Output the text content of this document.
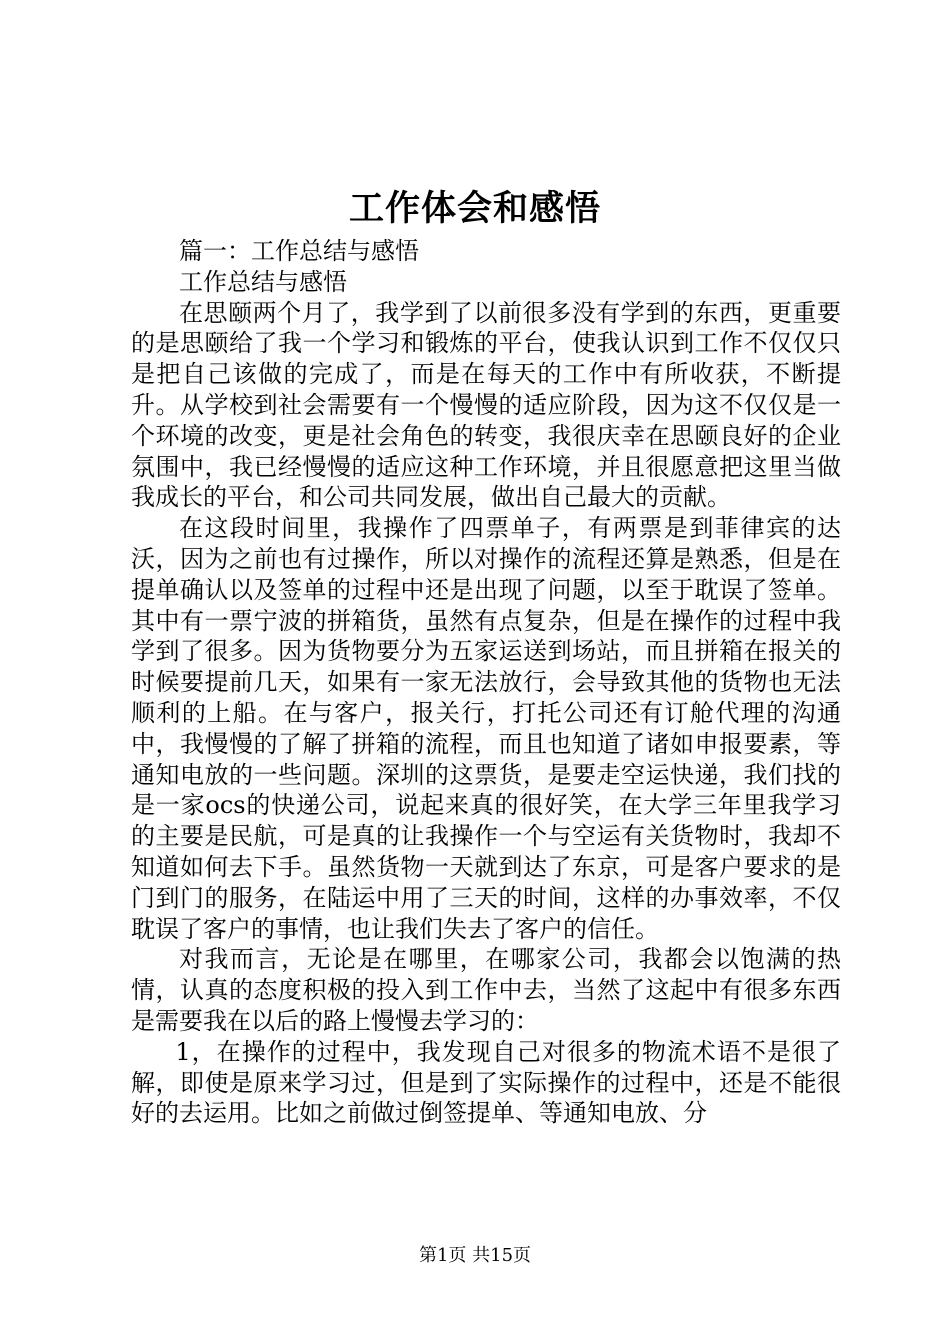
工作体会和感悟

篇一：工作总结与感悟

工作总结与感悟

在思颐两个月了，我学到了以前很多没有学到的东西，更重要的是思颐给了我一个学习和锻炼的平台，使我认识到工作不仅仅只是把自己该做的完成了，而是在每天的工作中有所收获，不断提升。从学校到社会需要有一个慢慢的适应阶段，因为这不仅仅是一个环境的改变，更是社会角色的转变，我很庆幸在思颐良好的企业氛围中，我已经慢慢的适应这种工作环境，并且很愿意把这里当做我成长的平台，和公司共同发展，做出自己最大的贡献。

在这段时间里，我操作了四票单子，有两票是到菲律宾的达沃，因为之前也有过操作，所以对操作的流程还算是熟悉，但是在提单确认以及签单的过程中还是出现了问题，以至于耽误了签单。其中有一票宁波的拼箱货，虽然有点复杂，但是在操作的过程中我学到了很多。因为货物要分为五家运送到场站，而且拼箱在报关的时候要提前几天，如果有一家无法放行，会导致其他的货物也无法顺利的上船。在与客户，报关行，打托公司还有订舱代理的沟通中，我慢慢的了解了拼箱的流程，而且也知道了诸如申报要素，等通知电放的一些问题。深圳的这票货，是要走空运快递，我们找的是一家ocs的快递公司，说起来真的很好笑，在大学三年里我学习的主要是民航，可是真的让我操作一个与空运有关货物时，我却不知道如何去下手。虽然货物一天就到达了东京，可是客户要求的是门到门的服务，在陆运中用了三天的时间，这样的办事效率，不仅耽误了客户的事情，也让我们失去了客户的信任。

对我而言，无论是在哪里，在哪家公司，我都会以饱满的热情，认真的态度积极的投入到工作中去，当然了这起中有很多东西是需要我在以后的路上慢慢去学习的：

1，在操作的过程中，我发现自己对很多的物流术语不是很了解，即使是原来学习过，但是到了实际操作的过程中，还是不能很好的去运用。比如之前做过倒签提单、等通知电放、分

第1页 共15页
